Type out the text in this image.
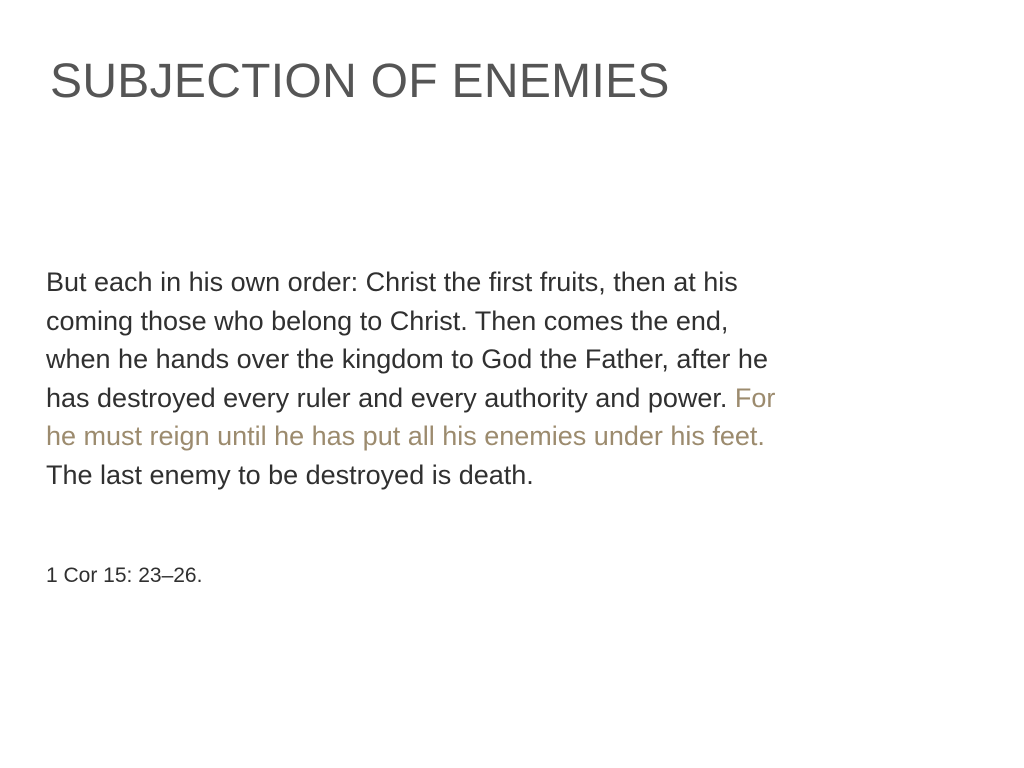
SUBJECTION OF ENEMIES

But each in his own order: Christ the first fruits, then at his
coming those who belong to Christ. Then comes the end,
when he hands over the kingdom to God the Father, after he
has destroyed every ruler and every authority and power. For
he must reign until he has put all his enemies under his feet.
The last enemy to be destroyed is death.

1 Cor 15: 23–26.
